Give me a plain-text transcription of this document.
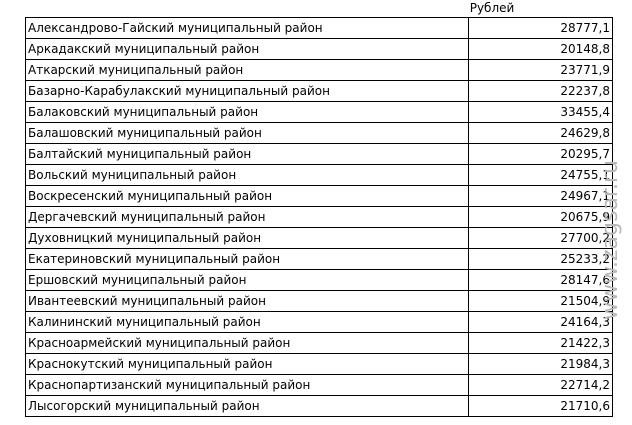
Рублей
Александрово-Гайский муниципальный район	28777,1
Аркадакский муниципальный район	20148,8
Аткарский муниципальный район	23771,9
Базарно-Карабулакский муниципальный район	22237,8
Балаковский муниципальный район	33455,4
Балашовский муниципальный район	24629,8
Балтайский муниципальный район	20295,7
Вольский муниципальный район	24755,1
Воскресенский муниципальный район	24967,1
Дергачевский муниципальный район	20675,9
Духовницкий муниципальный район	27700,2
Екатериновский муниципальный район	25233,2
Ершовский муниципальный район	28147,6
Ивантеевский муниципальный район	21504,9
Калининский муниципальный район	24164,3
Красноармейский муниципальный район	21422,3
Краснокутский муниципальный район	21984,3
Краснопартизанский муниципальный район	22714,2
Лысогорский муниципальный район	21710,6
www.zagsar.ru
